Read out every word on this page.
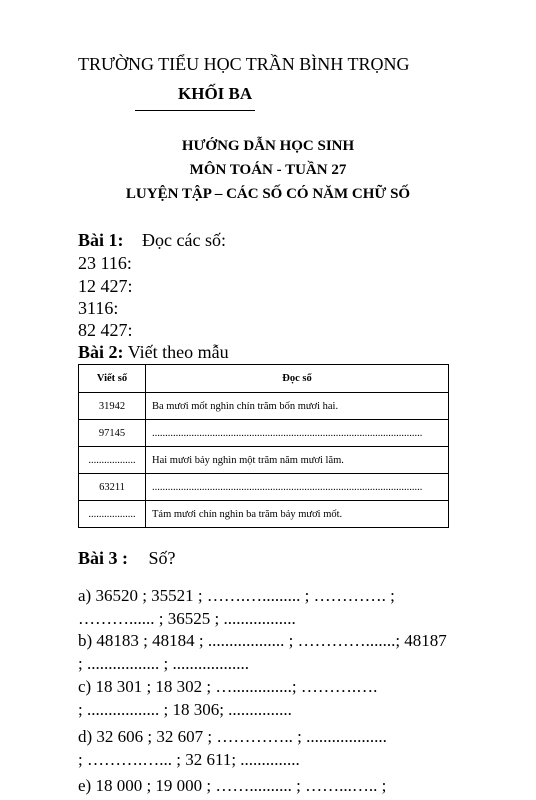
TRƯỜNG TIỂU HỌC TRẦN BÌNH TRỌNG
KHỐI BA
HƯỚNG DẪN HỌC SINH
MÔN TOÁN - TUẦN 27
LUYỆN TẬP – CÁC SỐ CÓ NĂM CHỮ SỐ
Bài 1: Đọc các số:
23 116:
12 427:
3116:
82 427:
Bài 2: Viết theo mẫu
Viết số	Đọc số
31942	Ba mươi mốt nghìn chín trăm bốn mươi hai.
97145	.......................................................................................................
..................	Hai mươi bảy nghìn một trăm năm mươi lăm.
63211	.......................................................................................................
..................	Tám mươi chín nghìn ba trăm bảy mươi mốt.
Bài 3 : Số?
a) 36520 ; 35521 ; …….…......... ; …………. ;
………...... ; 36525 ; .................
b) 48183 ; 48184 ; .................. ; ………….......; 48187
; ................. ; ..................
c) 18 301 ; 18 302 ; …..............; ……….….
; ................. ; 18 306; ...............
d) 32 606 ; 32 607 ; ………….. ; ...................
; ……….…... ; 32 611; ..............
e) 18 000 ; 19 000 ; …….......... ; ……...….. ;
